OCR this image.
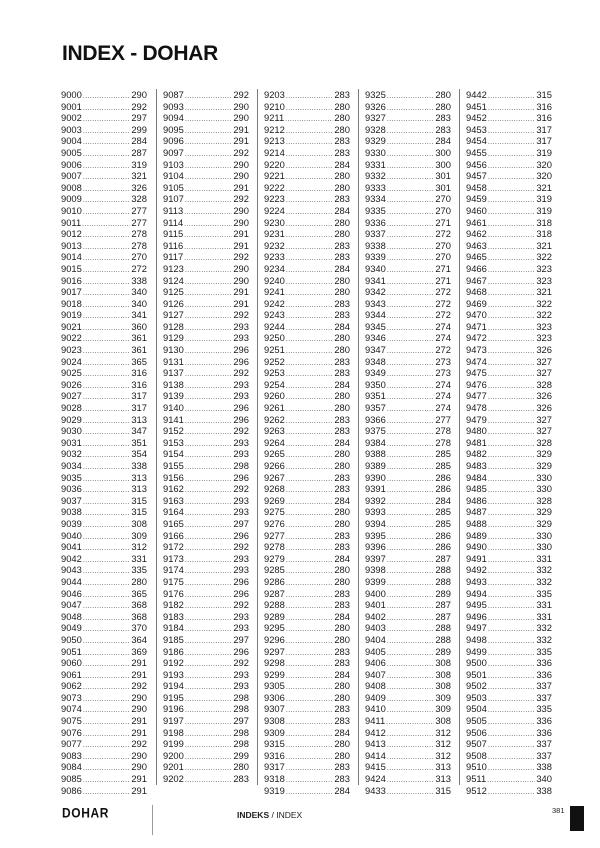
INDEX - DOHAR
9000 .....	290
9001 .....	292
9002 .....	297
9003 .....	299
9004 .....	284
9005 .....	287
9006 .....	319
9007 .....	321
9008 .....	326
9009 .....	328
9010 .....	277
9011 .....	277
9012 .....	278
9013 .....	278
9014 .....	270
9015 .....	272
9016 .....	338
9017 .....	340
9018 .....	340
9019 .....	341
9021 .....	360
9022 .....	361
9023 .....	361
9024 .....	365
9025 .....	316
9026 .....	316
9027 .....	317
9028 .....	317
9029 .....	313
9030 .....	347
9031 .....	351
9032 .....	354
9034 .....	338
9035 .....	313
9036 .....	313
9037 .....	315
9038 .....	315
9039 .....	308
9040 .....	309
9041 .....	312
9042 .....	331
9043 .....	335
9044 .....	280
9046 .....	365
9047 .....	368
9048 .....	368
9049 .....	370
9050 .....	364
9051 .....	369
9060 .....	291
9061 .....	291
9062 .....	292
9073 .....	290
9074 .....	290
9075 .....	291
9076 .....	291
9077 .....	292
9083 .....	290
9084 .....	290
9085 .....	291
9086 .....	291
9087 .....	292
9093 .....	290
9094 .....	290
9095 .....	291
9096 .....	291
9097 .....	292
9103 .....	290
9104 .....	290
9105 .....	291
9107 .....	292
9113 .....	290
9114 .....	290
9115 .....	291
9116 .....	291
9117 .....	292
9123 .....	290
9124 .....	290
9125 .....	291
9126 .....	291
9127 .....	292
9128 .....	293
9129 .....	293
9130 .....	296
9131 .....	296
9137 .....	292
9138 .....	293
9139 .....	293
9140 .....	296
9141 .....	296
9152 .....	292
9153 .....	293
9154 .....	293
9155 .....	298
9156 .....	296
9162 .....	292
9163 .....	293
9164 .....	293
9165 .....	297
9166 .....	296
9172 .....	292
9173 .....	293
9174 .....	293
9175 .....	296
9176 .....	296
9182 .....	292
9183 .....	293
9184 .....	293
9185 .....	297
9186 .....	296
9192 .....	292
9193 .....	293
9194 .....	293
9195 .....	298
9196 .....	298
9197 .....	297
9198 .....	298
9199 .....	298
9200 .....	299
9201 .....	280
9202 .....	283
9203 .....	283
9210 .....	280
9211 .....	280
9212 .....	280
9213 .....	283
9214 .....	283
9220 .....	284
9221 .....	280
9222 .....	280
9223 .....	283
9224 .....	284
9230 .....	280
9231 .....	280
9232 .....	283
9233 .....	283
9234 .....	284
9240 .....	280
9241 .....	280
9242 .....	283
9243 .....	283
9244 .....	284
9250 .....	280
9251 .....	280
9252 .....	283
9253 .....	283
9254 .....	284
9260 .....	280
9261 .....	280
9262 .....	283
9263 .....	283
9264 .....	284
9265 .....	280
9266 .....	280
9267 .....	283
9268 .....	283
9269 .....	284
9275 .....	280
9276 .....	280
9277 .....	283
9278 .....	283
9279 .....	284
9285 .....	280
9286 .....	280
9287 .....	283
9288 .....	283
9289 .....	284
9295 .....	280
9296 .....	280
9297 .....	283
9298 .....	283
9299 .....	284
9305 .....	280
9306 .....	280
9307 .....	283
9308 .....	283
9309 .....	284
9315 .....	280
9316 .....	280
9317 .....	283
9318 .....	283
9319 .....	284
9325 .....	280
9326 .....	280
9327 .....	283
9328 .....	283
9329 .....	284
9330 .....	300
9331 .....	300
9332 .....	301
9333 .....	301
9334 .....	270
9335 .....	270
9336 .....	271
9337 .....	272
9338 .....	270
9339 .....	270
9340 .....	271
9341 .....	271
9342 .....	272
9343 .....	272
9344 .....	272
9345 .....	274
9346 .....	274
9347 .....	272
9348 .....	273
9349 .....	273
9350 .....	274
9351 .....	274
9357 .....	274
9366 .....	277
9375 .....	278
9384 .....	278
9388 .....	285
9389 .....	285
9390 .....	286
9391 .....	286
9392 .....	284
9393 .....	285
9394 .....	285
9395 .....	286
9396 .....	286
9397 .....	287
9398 .....	288
9399 .....	288
9400 .....	289
9401 .....	287
9402 .....	287
9403 .....	288
9404 .....	288
9405 .....	289
9406 .....	308
9407 .....	308
9408 .....	308
9409 .....	309
9410 .....	309
9411 .....	308
9412 .....	312
9413 .....	312
9414 .....	312
9415 .....	313
9424 .....	313
9433 .....	315
9442 .....	315
9451 .....	316
9452 .....	316
9453 .....	317
9454 .....	317
9455 .....	319
9456 .....	320
9457 .....	320
9458 .....	321
9459 .....	319
9460 .....	319
9461 .....	318
9462 .....	318
9463 .....	321
9465 .....	322
9466 .....	323
9467 .....	323
9468 .....	321
9469 .....	322
9470 .....	322
9471 .....	323
9472 .....	323
9473 .....	326
9474 .....	327
9475 .....	327
9476 .....	328
9477 .....	326
9478 .....	326
9479 .....	327
9480 .....	327
9481 .....	328
9482 .....	329
9483 .....	329
9484 .....	330
9485 .....	330
9486 .....	328
9487 .....	329
9488 .....	329
9489 .....	330
9490 .....	330
9491 .....	331
9492 .....	332
9493 .....	332
9494 .....	335
9495 .....	331
9496 .....	331
9497 .....	332
9498 .....	332
9499 .....	335
9500 .....	336
9501 .....	336
9502 .....	337
9503 .....	337
9504 .....	335
9505 .....	336
9506 .....	336
9507 .....	337
9508 .....	337
9510 .....	338
9511 .....	340
9512 .....	338
DOHAR	INDEKS / INDEX	381
